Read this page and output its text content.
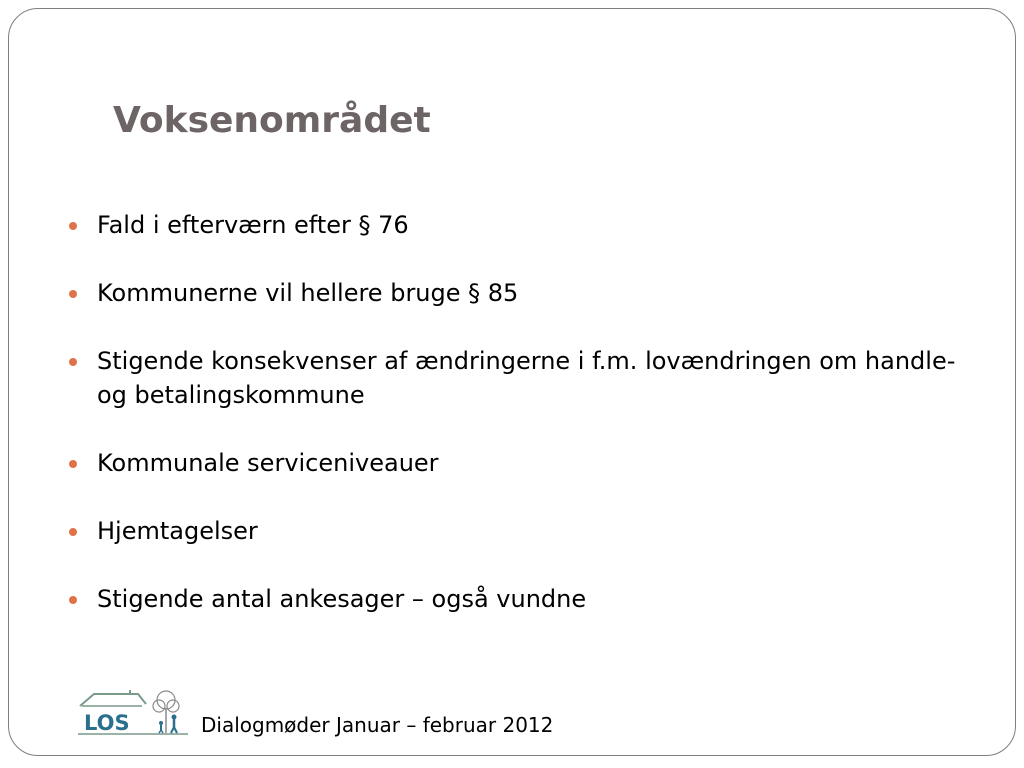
Voksenområdet
Fald i efterværn efter § 76
Kommunerne vil hellere bruge § 85
Stigende konsekvenser af ændringerne i f.m. lovændringen om handle- og betalingskommune
Kommunale serviceniveauer
Hjemtagelser
Stigende antal ankesager – også vundne
LOS	Dialogmøder Januar – februar 2012
